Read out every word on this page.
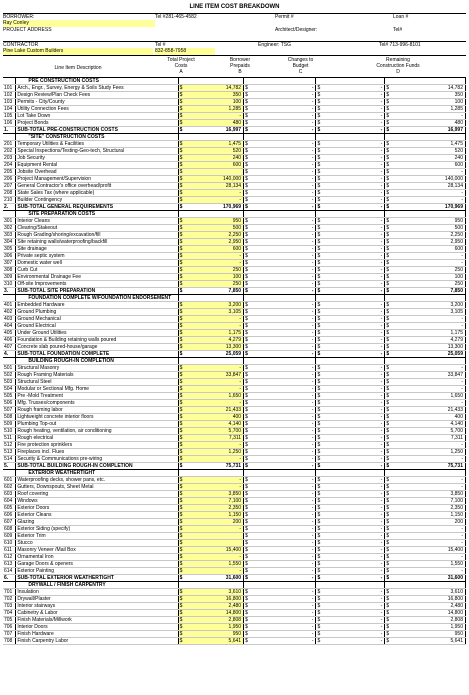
LINE ITEM COST BREAKDOWN
BORROWER:	Tel #281-465-4582	Permit #	Loan #
Ray Conley
PROJECT ADDRESS	Architect/Designer:	Tel#
CONTRACTOR	Tel #	Engineer: TSG	Tel# 713-996-8101
Pine Lake Custom Builders	832-858-7958
Line Item Description
Total Project
Costs
A
Borrower
Prepaids
B
Changes to
Budget
C
Remaining
Construction Funds
D
	PRE CONSTRUCTION COSTS								
101	Arch., Engr., Survey, Energy & Soils Study Fees	$	14,782	$	-	$	-	$	14,782
102	Design Review/Plan Check Fees	$	350	$	-	$	-	$	350
103	Permits - City/County	$	100	$	-	$	-	$	100
104	Utility Connection Fees	$	1,285	$	-	$	-	$	1,285
105	Lot Take Down	$	-	$	-	$	-	$	-
106	Project Bonds	$	480	$	-	$	-	$	480
1.	SUB-TOTAL PRE-CONSTRUCTION COSTS	$	16,997	$	-	$	-	$	16,997
	"SITE" CONSTRUCTION COSTS								
201	Temporary Utilities & Facilities	$	1,475	$	-	$	-	$	1,475
202	Special Inspections/Testing-Geo-tech, Structural	$	520	$	-	$	-	$	520
203	Job Security	$	240	$	-	$	-	$	240
204	Equipment Rental	$	600	$	-	$	-	$	600
205	Jobsite Overhead	$		$	-	$	-	$	-
206	Project Management/Supervision	$	140,000	$	-	$	-	$	140,000
207	General Contractor's office overhead/profit	$	28,134	$	-	$	-	$	28,134
208	State Sales Tax (where applicable)	$	-	$	-	$	-	$	-
210	Builder Contingency	$	-	$	-	$	-	$	-
2.	SUB-TOTAL GENERAL REQUIREMENTS	$	170,969	$	-	$	-	$	170,969
	SITE PREPARATION COSTS								
301	Interior Cleans	$	950	$	-	$	-	$	950
302	Clearing/Stakeout	$	500	$	-	$	-	$	500
303	Rough Grading/shoring/excavation/fill	$	2,250	$	-	$	-	$	2,250
304	Site retaining walls/waterproofing/backfill	$	2,950	$	-	$	-	$	2,950
305	Site drainage	$	600	$	-	$	-	$	600
306	Private septic system	$	-	$	-	$	-	$	-
307	Domestic water well	$	-	$	-	$	-	$	-
308	Curb Cut	$	250	$	-	$	-	$	250
309	Environmental Drainage Fee	$	100	$	-	$	-	$	100
310	Off-site Improvements	$	250	$	-	$	-	$	250
3.	SUB-TOTAL SITE PREPARATION	$	7,850	$	-	$	-	$	7,850
	FOUNDATION COMPLETE W/FOUNDATION ENDORSEMENT								
401	Embedded Hardware	$	3,200	$	-	$	-	$	3,200
402	Ground Plumbing	$	3,105	$	-	$	-	$	3,105
403	Ground Mechanical	$	-	$	-	$	-	$	-
404	Ground Electrical	$	-	$	-	$	-	$	-
405	Under Ground Utilities	$	1,175	$	-	$	-	$	1,175
406	Foundation & Building retaining walls poured	$	4,279	$	-	$	-	$	4,279
407	Concrete slab poured-house/garage	$	13,300	$	-	$	-	$	13,300
4.	SUB-TOTAL FOUNDATION COMPLETE	$	25,059	$	-	$	-	$	25,059
	BUILDING ROUGH-IN COMPLETION								
501	Structural Masonry	$	-	$	-	$	-	$	-
502	Rough Framing Materials	$	33,847	$	-	$	-	$	33,847
503	Structural Steel	$	-	$	-	$	-	$	-
504	Modular or Sectional Mfg. Home	$	-	$	-	$	-	$	-
505	Pre -Mold Treatment	$	1,650	$	-	$	-	$	1,650
506	Mfg. Trusses/components	$	-	$	-	$	-	$	-
507	Rough framing labor	$	21,433	$	-	$	-	$	21,433
508	Lightweight concrete interior floors	$	400	$	-	$	-	$	400
509	Plumbing Top-out	$	4,140	$	-	$	-	$	4,140
510	Rough heating, ventilation, air conditioning	$	5,700	$	-	$	-	$	5,700
511	Rough electrical	$	7,311	$	-	$	-	$	7,311
512	Fire protection sprinklers	$	-	$	-	$	-	$	-
513	Fireplaces incl. Flues	$	1,250	$	-	$	-	$	1,250
514	Security & Communications pre-wiring	$	-	$	-	$	-	$	-
5.	SUB-TOTAL BUILDING ROUGH-IN COMPLETION	$	75,731	$	-	$	-	$	75,731
	EXTERIOR WEATHERTIGHT								
601	Waterproofing decks, shower pans, etc.	$	-	$	-	$	-	$	-
602	Gutters, Downspouts, Sheet Metal	$	-	$	-	$	-	$	-
603	Roof covering	$	3,850	$	-	$	-	$	3,850
604	Windows	$	7,100	$	-	$	-	$	7,100
605	Exterior Doors	$	2,350	$	-	$	-	$	2,350
606	Exterior Cleans	$	1,150	$	-	$	-	$	1,150
607	Glazing	$	200	$	-	$	-	$	200
608	Exterior Siding (specify)	$	-	$	-	$	-	$	-
609	Exterior Trim	$		$	-	$	-	$	-
610	Stucco	$		$	-	$	-	$	-
611	Masonry Veneer /Mail Box	$	15,400	$	-	$	-	$	15,400
612	Ornamental Iron	$	-	$	-	$	-	$	-
613	Garage Doors & openers	$	1,550	$	-	$	-	$	1,550
614	Exterior Painting	$	-	$	-	$	-	$	-
6.	SUB-TOTAL EXTERIOR WEATHERTIGHT	$	31,600	$	-	$	-	$	31,600
	DRYWALL / FINISH CARPENTRY								
701	Insulation	$	3,610	$	-	$	-	$	3,610
702	Drywall/Plaster	$	16,800	$	-	$	-	$	16,800
703	Interior stairways	$	2,480	$	-	$	-	$	2,480
704	Cabinetry & Labor	$	14,800	$	-	$	-	$	14,800
705	Finish Materials/Millwork	$	2,808	$	-	$	-	$	2,808
706	Interior Doors	$	1,950	$	-	$	-	$	1,950
707	Finish Hardware	$	950	$	-	$	-	$	950
708	Finish Carpentry Labor	$	5,641	$	-	$	-	$	5,641
